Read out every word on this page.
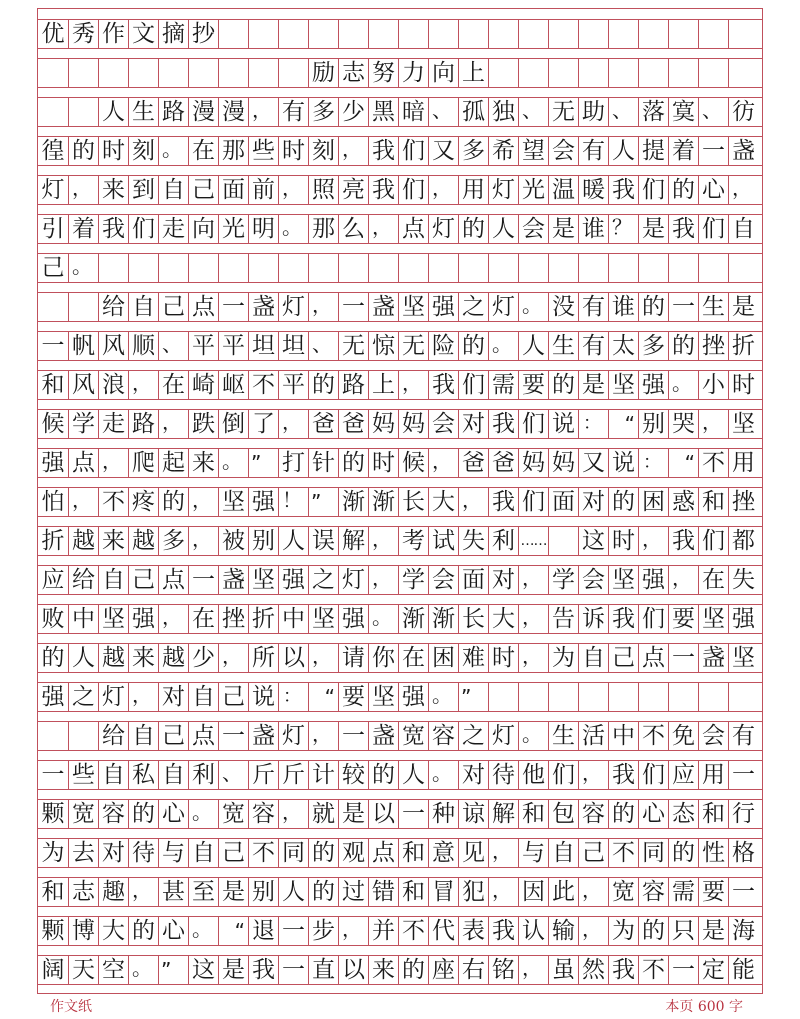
优 秀 作 文 摘 抄
励 志 努 力 向 上
人 生 路 漫 漫 ， 有 多 少 黑 暗 、 孤 独 、 无 助 、 落 寞 、 彷
徨 的 时 刻 。 在 那 些 时 刻 ， 我 们 又 多 希 望 会 有 人 提 着 一 盏
灯 ， 来 到 自 己 面 前 ， 照 亮 我 们 ， 用 灯 光 温 暖 我 们 的 心 ，
引 着 我 们 走 向 光 明 。 那 么 ， 点 灯 的 人 会 是 谁 ？ 是 我 们 自
己 。
给 自 己 点 一 盏 灯 ， 一 盏 坚 强 之 灯 。 没 有 谁 的 一 生 是
一 帆 风 顺 、 平 平 坦 坦 、 无 惊 无 险 的 。 人 生 有 太 多 的 挫 折
和 风 浪 ， 在 崎 岖 不 平 的 路 上 ， 我 们 需 要 的 是 坚 强 。 小 时
候 学 走 路 ， 跌 倒 了 ， 爸 爸 妈 妈 会 对 我 们 说 ：	“ 别 哭 ， 坚
强 点 ， 爬 起 来 。 ” 打 针 的 时 候 ， 爸 爸 妈 妈 又 说 ：	“ 不 用
怕 ， 不 疼 的 ， 坚 强 ！ ” 渐 渐 长 大 ， 我 们 面 对 的 困 惑 和 挫
折 越 来 越 多 ， 被 别 人 误 解 ， 考 试 失 利 …… 这 时 ， 我 们 都
应 给 自 己 点 一 盏 坚 强 之 灯 ， 学 会 面 对 ， 学 会 坚 强 ， 在 失
败 中 坚 强 ， 在 挫 折 中 坚 强 。 渐 渐 长 大 ， 告 诉 我 们 要 坚 强
的 人 越 来 越 少 ， 所 以 ， 请 你 在 困 难 时 ， 为 自 己 点 一 盏 坚
强 之 灯 ， 对 自 己 说 ：	“ 要 坚 强 。 ”
给 自 己 点 一 盏 灯 ， 一 盏 宽 容 之 灯 。 生 活 中 不 免 会 有
一 些 自 私 自 利 、 斤 斤 计 较 的 人 。 对 待 他 们 ， 我 们 应 用 一
颗 宽 容 的 心 。 宽 容 ， 就 是 以 一 种 谅 解 和 包 容 的 心 态 和 行
为 去 对 待 与 自 己 不 同 的 观 点 和 意 见 ， 与 自 己 不 同 的 性 格
和 志 趣 ， 甚 至 是 别 人 的 过 错 和 冒 犯 ， 因 此 ， 宽 容 需 要 一
颗 博 大 的 心 。	“ 退 一 步 ， 并 不 代 表 我 认 输 ， 为 的 只 是 海
阔 天 空 。 ” 这 是 我 一 直 以 来 的 座 右 铭 ， 虽 然 我 不 一 定 能
作文纸	本页 600 字
